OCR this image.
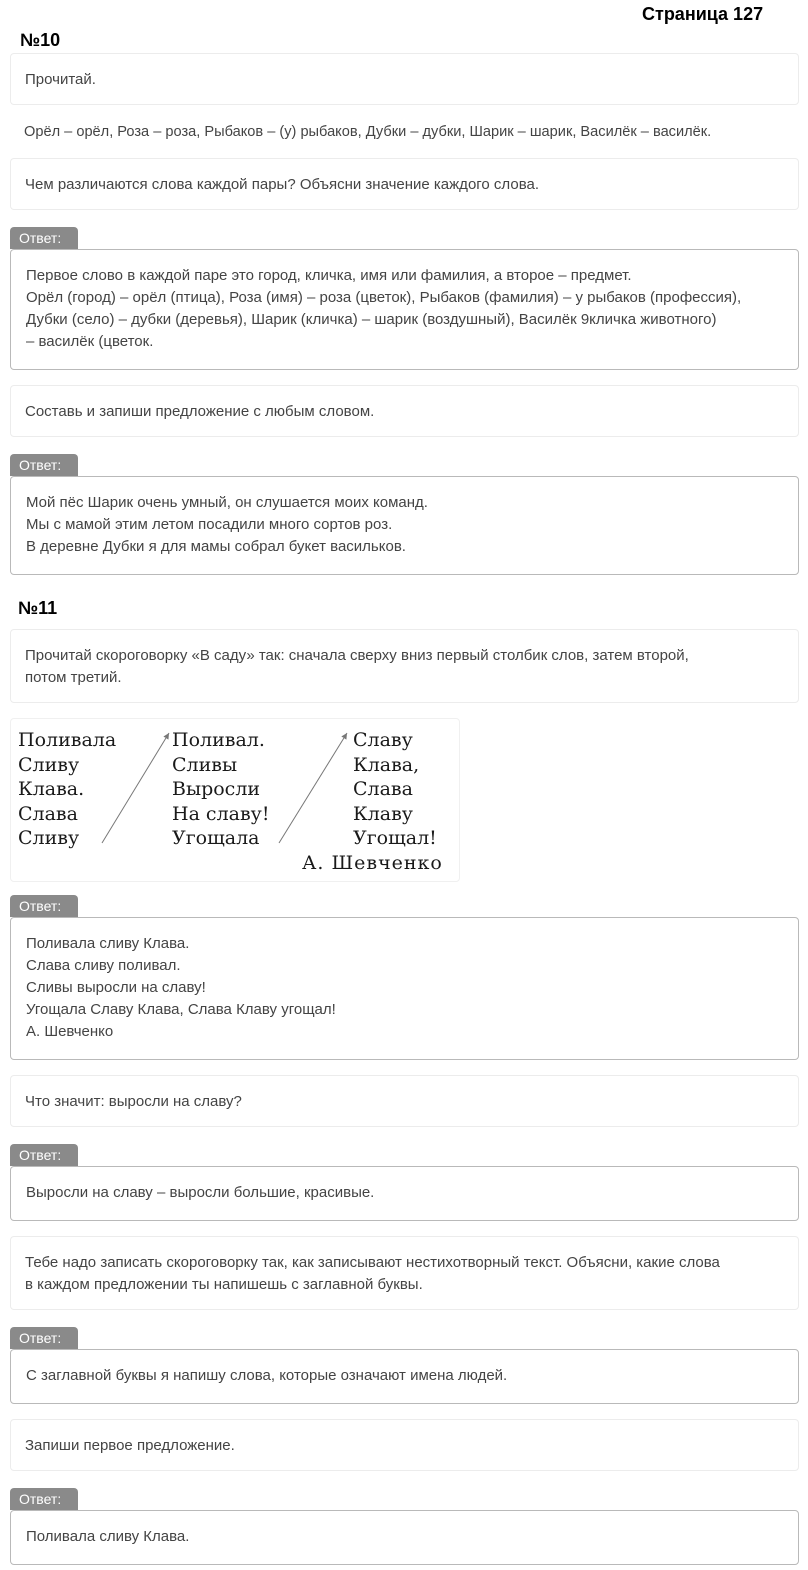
Страница 127
№10
Прочитай.
Орёл – орёл, Роза – роза, Рыбаков – (у) рыбаков, Дубки – дубки, Шарик – шарик, Василёк – василёк.
Чем различаются слова каждой пары? Объясни значение каждого слова.
Ответ:
Первое слово в каждой паре это город, кличка, имя или фамилия, а второе – предмет.
Орёл (город) – орёл (птица), Роза (имя) – роза (цветок), Рыбаков (фамилия) – у рыбаков (профессия),
Дубки (село) – дубки (деревья), Шарик (кличка) – шарик (воздушный), Василёк 9кличка животного)
– василёк (цветок.
Составь и запиши предложение с любым словом.
Ответ:
Мой пёс Шарик очень умный, он слушается моих команд.
Мы с мамой этим летом посадили много сортов роз.
В деревне Дубки я для мамы собрал букет васильков.
№11
Прочитай скороговорку «В саду» так: сначала сверху вниз первый столбик слов, затем второй,
потом третий.
Поливала
Сливу
Клава.
Слава
Сливу
Поливал.
Сливы
Выросли
На славу!
Угощала
Славу
Клава,
Слава
Клаву
Угощал!
А. Шевченко
Ответ:
Поливала сливу Клава.
Слава сливу поливал.
Сливы выросли на славу!
Угощала Славу Клава, Слава Клаву угощал!
А. Шевченко
Что значит: выросли на славу?
Ответ:
Выросли на славу – выросли большие, красивые.
Тебе надо записать скороговорку так, как записывают нестихотворный текст. Объясни, какие слова
в каждом предложении ты напишешь с заглавной буквы.
Ответ:
С заглавной буквы я напишу слова, которые означают имена людей.
Запиши первое предложение.
Ответ:
Поливала сливу Клава.
